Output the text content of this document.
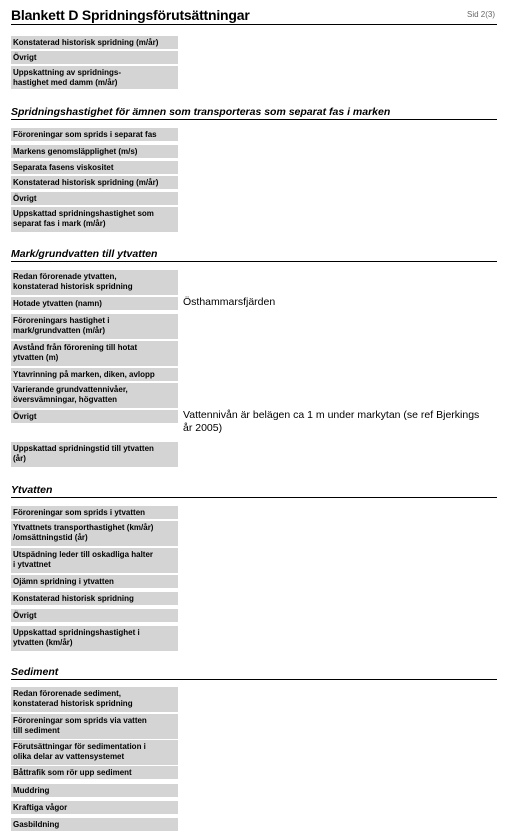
Blankett D Spridningsförutsättningar	Sid 2(3)
Konstaterad historisk spridning (m/år)
Övrigt
Uppskattning av spridnings-
hastighet med damm (m/år)
Spridningshastighet för ämnen som transporteras som separat fas i marken
Föroreningar som sprids i separat fas
Markens genomsläpplighet (m/s)
Separata fasens viskositet
Konstaterad historisk spridning (m/år)
Övrigt
Uppskattad spridningshastighet som
separat fas i mark (m/år)
Mark/grundvatten till ytvatten
Redan förorenade ytvatten,
konstaterad historisk spridning
Hotade ytvatten (namn)	Östhammarsfjärden
Föroreningars hastighet i
mark/grundvatten (m/år)
Avstånd från förorening till hotat
ytvatten (m)
Ytavrinning på marken, diken, avlopp
Varierande grundvattennivåer,
översvämningar, högvatten
Övrigt	Vattennivån är belägen ca 1 m under markytan (se ref Bjerkings år 2005)
Uppskattad spridningstid till ytvatten
(år)
Ytvatten
Föroreningar som sprids i ytvatten
Ytvattnets transporthastighet (km/år)
/omsättningstid (år)
Utspädning leder till oskadliga halter
i ytvattnet
Ojämn spridning i ytvatten
Konstaterad historisk spridning
Övrigt
Uppskattad spridningshastighet i
ytvatten (km/år)
Sediment
Redan förorenade sediment,
konstaterad historisk spridning
Föroreningar som sprids via vatten
till sediment
Förutsättningar för sedimentation i
olika delar av vattensystemet
Båttrafik som rör upp sediment
Muddring
Kraftiga vågor
Gasbildning
